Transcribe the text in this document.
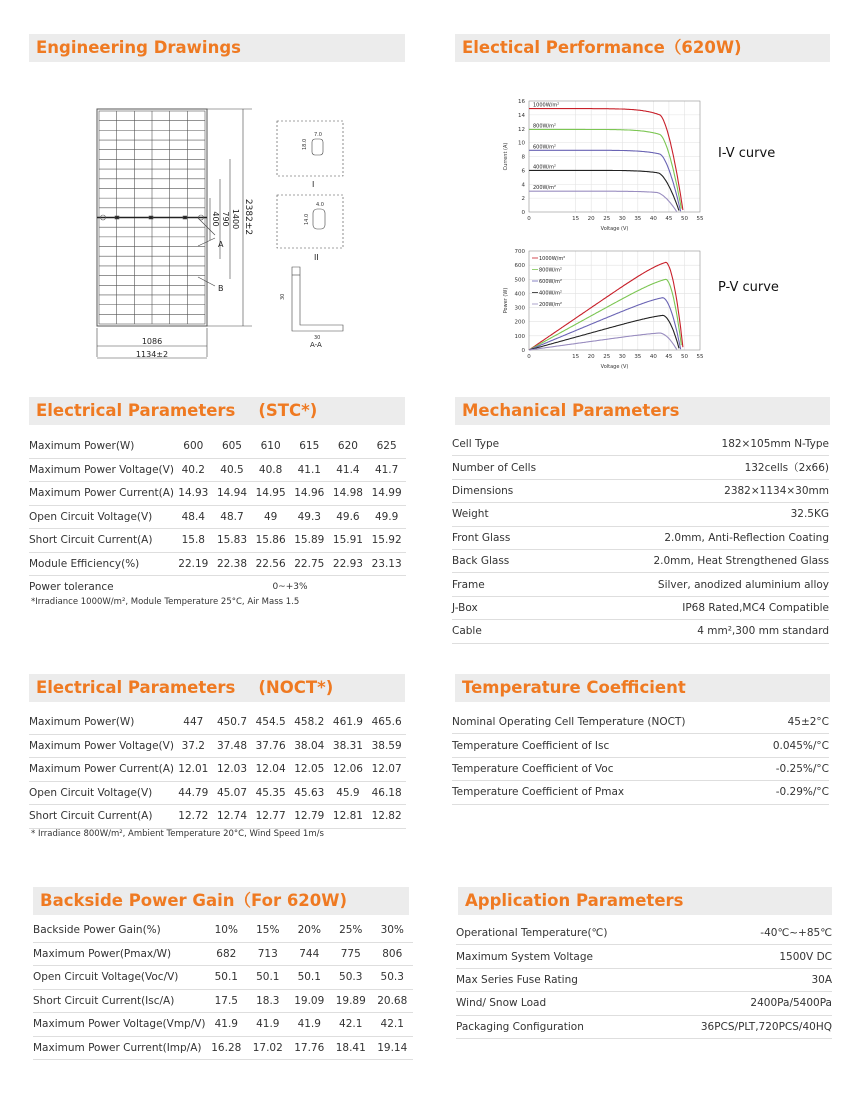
Engineering Drawings	Electical Performance（620W)
Electrical Parameters    (STC*)	Mechanical Parameters
Electrical Parameters    (NOCT*)	Temperature Coefficient
Backside Power Gain（For 620W)	Application Parameters
1086
1134±2
2382±2
1400
790
400
A
B
I
II
A-A
7.0
18.0
4.0
14.0
30
30
0
2
4
6
8
10
12
14
16
0	15 20 25 30 35 40 45 50 55
Voltage (V)
Current (A)
1000W/m²
800W/m²
600W/m²
400W/m²
200W/m²
I-V curve
0
100
200
300
400
500
600
700
0	15 20 25 30 35 40 45 50 55
Voltage (V)
Power (W)
1000W/m²
800W/m²
600W/m²
400W/m²
200W/m²
P-V curve
Maximum Power(W)	600	605	610	615	620	625
Maximum Power Voltage(V)	40.2	40.5	40.8	41.1	41.4	41.7
Maximum Power Current(A)	14.93	14.94	14.95	14.96	14.98	14.99
Open Circuit Voltage(V)	48.4	48.7	49	49.3	49.6	49.9
Short Circuit Current(A)	15.8	15.83	15.86	15.89	15.91	15.92
Module Efficiency(%)	22.19	22.38	22.56	22.75	22.93	23.13
Power tolerance	0~+3%					
*Irradiance 1000W/m², Module Temperature 25°C, Air Mass 1.5
Cell Type	182×105mm N-Type
Number of Cells	132cells（2x66)
Dimensions	2382×1134×30mm
Weight	32.5KG
Front Glass	2.0mm, Anti-Reflection Coating
Back Glass	2.0mm, Heat Strengthened Glass
Frame	Silver, anodized aluminium alloy
J-Box	IP68 Rated,MC4 Compatible
Cable	4 mm²,300 mm standard
Maximum Power(W)	447	450.7	454.5	458.2	461.9	465.6
Maximum Power Voltage(V)	37.2	37.48	37.76	38.04	38.31	38.59
Maximum Power Current(A)	12.01	12.03	12.04	12.05	12.06	12.07
Open Circuit Voltage(V)	44.79	45.07	45.35	45.63	45.9	46.18
Short Circuit Current(A)	12.72	12.74	12.77	12.79	12.81	12.82
* Irradiance 800W/m², Ambient Temperature 20°C, Wind Speed 1m/s
Nominal Operating Cell Temperature (NOCT)	45±2°C
Temperature Coefficient of Isc	0.045%/°C
Temperature Coefficient of Voc	-0.25%/°C
Temperature Coefficient of Pmax	-0.29%/°C
Backside Power Gain(%)	10%	15%	20%	25%	30%
Maximum Power(Pmax/W)	682	713	744	775	806
Open Circuit Voltage(Voc/V)	50.1	50.1	50.1	50.3	50.3
Short Circuit Current(Isc/A)	17.5	18.3	19.09	19.89	20.68
Maximum Power Voltage(Vmp/V)	41.9	41.9	41.9	42.1	42.1
Maximum Power Current(Imp/A)	16.28	17.02	17.76	18.41	19.14
Operational Temperature(℃)	-40℃~+85℃
Maximum System Voltage	1500V DC
Max Series Fuse Rating	30A
Wind/ Snow Load	2400Pa/5400Pa
Packaging Configuration	36PCS/PLT,720PCS/40HQ
